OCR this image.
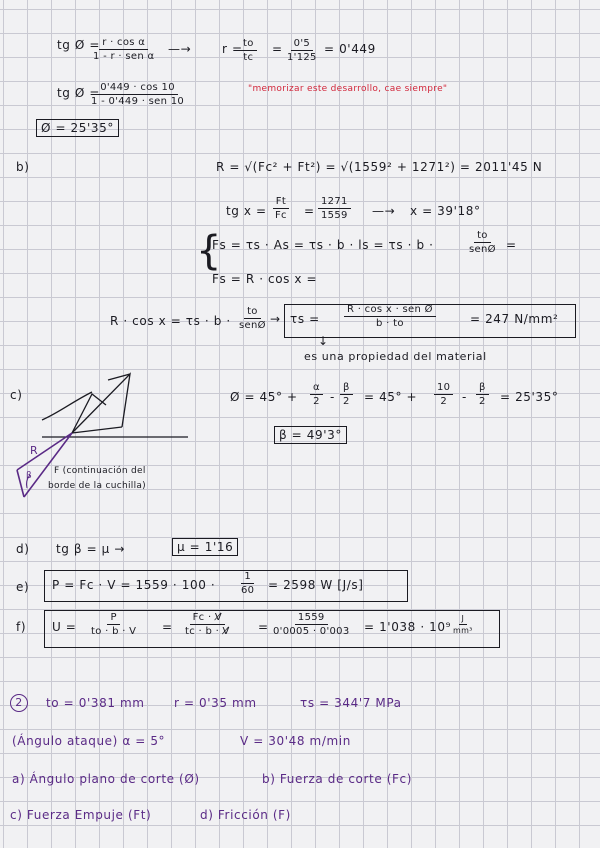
tg Ø = r · cos α
1 - r · sen α
—→	r =
$\frac{to}{tc} = \frac{0'5}{1'125} = 0'449$
tg Ø = 0'449 · cos 10
1 - 0'449 · sen 10
"memorizar este desarrollo, cae siempre"
Ø = 25'35°
b)	R = √(Fc² + Ft²) = √(1559² + 1271²) = 2011'45 N
tg $x = \frac{Ft}{Fc} = \frac{1271}{1559}$ —→ x = 39'18°
{
Fs = τs · As = τs · b · ls = τs · b ·
to
senØ =
Fs = R · cos x =
R · cos x = τs · b ·
to
senØ → τs =
R · cos x · sen Ø
b · to	= 247 N/mm²
↓
es una propiedad del material
c)
R
β F (continuación del
borde de la cuchilla)
Ø = $45^\circ + \frac{\alpha}{2} - \frac{\beta}{2} = 45^\circ + \frac{10}{2} - \frac{\beta}{2} = 25'35^\circ$
β = 49'3°
d) tg β = μ →	μ = 1'16
e) $P = Fc \cdot V = 1559 \cdot 100 \cdot \frac{1}{60} = 2598$ W [J/s]
f) $U = \frac{P}{to \cdot b \cdot V} = \frac{Fc \cdot V̸}{tc \cdot b \cdot V̸} = \frac{1559}{0'0005 \cdot 0'003} = 1'038 \cdot 10^9$
$\frac{J}{\text{mm³}}$
2	to = 0'381 mm r = 0'35 mm	τs = 344'7 MPa
(Ángulo ataque) α = 5°	V = 30'48 m/min
a) Ángulo plano de corte (Ø)	b) Fuerza de corte (Fc)
c) Fuerza Empuje (Ft)	d) Fricción (F)
